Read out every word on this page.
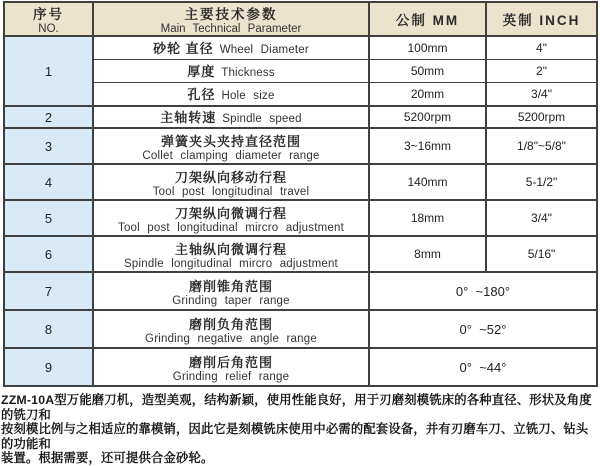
序号
NO.

主要技术参数
Main Technical Parameter
	公制 MM	英制 INCH
1	砂轮 直径 Wheel Diameter	100mm	4"
	厚度 Thickness	50mm	2"
	孔径 Hole size	20mm	3/4"
2	主轴转速 Spindle speed	5200rpm	5200rpm
3	弹簧夹头夹持直径范围
Collet clamping diameter range	3~16mm	1/8"~5/8"
4	刀架纵向移动行程
Tool post longitudinal travel	140mm	5-1/2"
5	刀架纵向微调行程
Tool post longitudinal mircro adjustment	18mm	3/4"
6	主轴纵向微调行程
Spindle longitudinal mircro adjustment	8mm	5/16"
7	磨削锥角范围
Grinding taper range	0°  ~180°	
8	磨削负角范围
Grinding negative angle range	0°  ~52°	
9	磨削后角范围
Grinding relief range	0°  ~44°	
ZZM-10A型万能磨刀机，造型美观，结构新颖，使用性能良好，用于刃磨刻模铣床的各种直径、形状及角度的铣刀和
按刻模比例与之相适应的靠模销，因此它是刻模铣床使用中必需的配套设备，并有刃磨车刀、立铣刀、钻头的功能和
装置。根据需要，还可提供合金砂轮。
